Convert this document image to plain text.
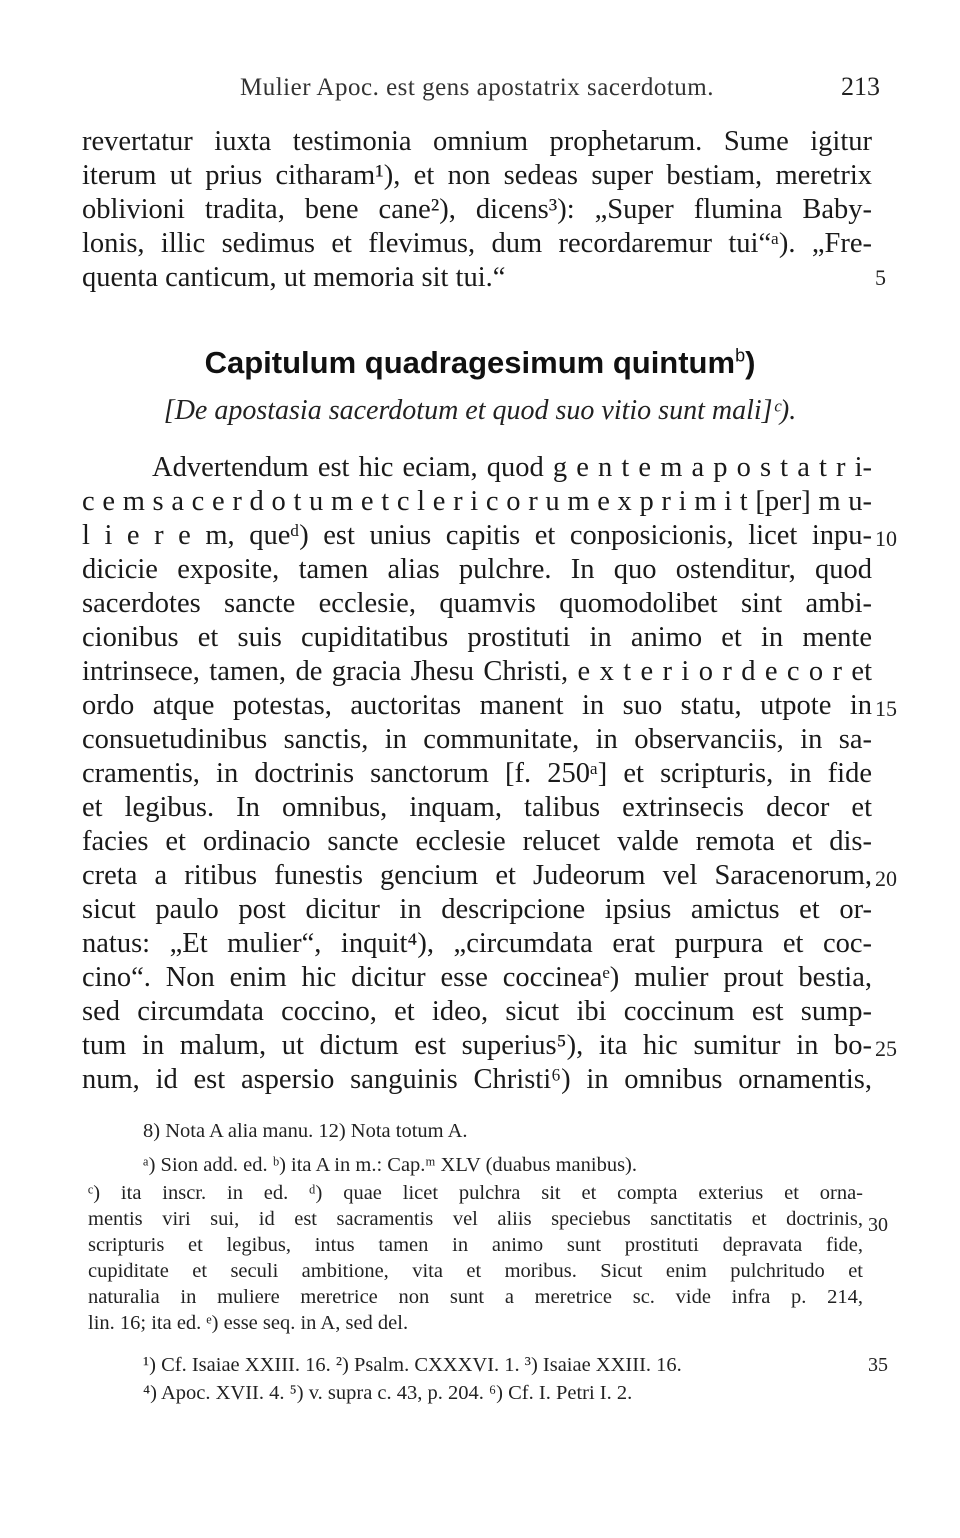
Mulier Apoc. est gens apostatrix sacerdotum.	213
revertatur iuxta testimonia omnium prophetarum. Sume igitur
iterum ut prius citharam¹), et non sedeas super bestiam, meretrix
oblivioni tradita, bene cane²), dicens³): „Super flumina Baby-
lonis, illic sedimus et flevimus, dum recordaremur tui“ᵃ). „Fre-
quenta canticum, ut memoria sit tui.“	5
Capitulum quadragesimum quintum$^b$)
[De apostasia sacerdotum et quod suo vitio sunt mali]ᶜ).
Advertendum est hic eciam, quod g e n t e m a p o s t a t r i-
c e m s a c e r d o t u m e t c l e r i c o r u m e x p r i m i t [per] m u-
l i e r e m, queᵈ) est unius capitis et conposicionis, licet inpu-
dicicie exposite, tamen alias pulchre. In quo ostenditur, quod
sacerdotes sancte ecclesie, quamvis quomodolibet sint ambi-
cionibus et suis cupiditatibus prostituti in animo et in mente
intrinsece, tamen, de gracia Jhesu Christi, e x t e r i o r d e c o r et
ordo atque potestas, auctoritas manent in suo statu, utpote in
consuetudinibus sanctis, in communitate, in observanciis, in sa-
cramentis, in doctrinis sanctorum [f. 250ᵃ] et scripturis, in fide
et legibus. In omnibus, inquam, talibus extrinsecis decor et
facies et ordinacio sancte ecclesie relucet valde remota et dis-
creta a ritibus funestis gencium et Judeorum vel Saracenorum,
sicut paulo post dicitur in descripcione ipsius amictus et or-
natus: „Et mulier“, inquit⁴), „circumdata erat purpura et coc-
cino“. Non enim hic dicitur esse coccineaᵉ) mulier prout bestia,
sed circumdata coccino, et ideo, sicut ibi coccinum est sump-
tum in malum, ut dictum est superius⁵), ita hic sumitur in bo-
num, id est aspersio sanguinis Christi⁶) in omnibus ornamentis,
10
15
20
25
8) Nota A alia manu. 12) Nota totum A.
ᵃ) Sion add. ed. ᵇ) ita A in m.: Cap.ᵐ XLV (duabus manibus).
ᶜ) ita inscr. in ed. ᵈ) quae licet pulchra sit et compta exterius et orna-
mentis viri sui, id est sacramentis vel aliis speciebus sanctitatis et doctrinis,
scripturis et legibus, intus tamen in animo sunt prostituti depravata fide,
cupiditate et seculi ambitione, vita et moribus. Sicut enim pulchritudo et
naturalia in muliere meretrice non sunt a meretrice sc. vide infra p. 214,
lin. 16; ita ed. ᵉ) esse seq. in A, sed del.
30
¹) Cf. Isaiae XXIII. 16. ²) Psalm. CXXXVI. 1. ³) Isaiae XXIII. 16.
⁴) Apoc. XVII. 4. ⁵) v. supra c. 43, p. 204. ⁶) Cf. I. Petri I. 2.
35
